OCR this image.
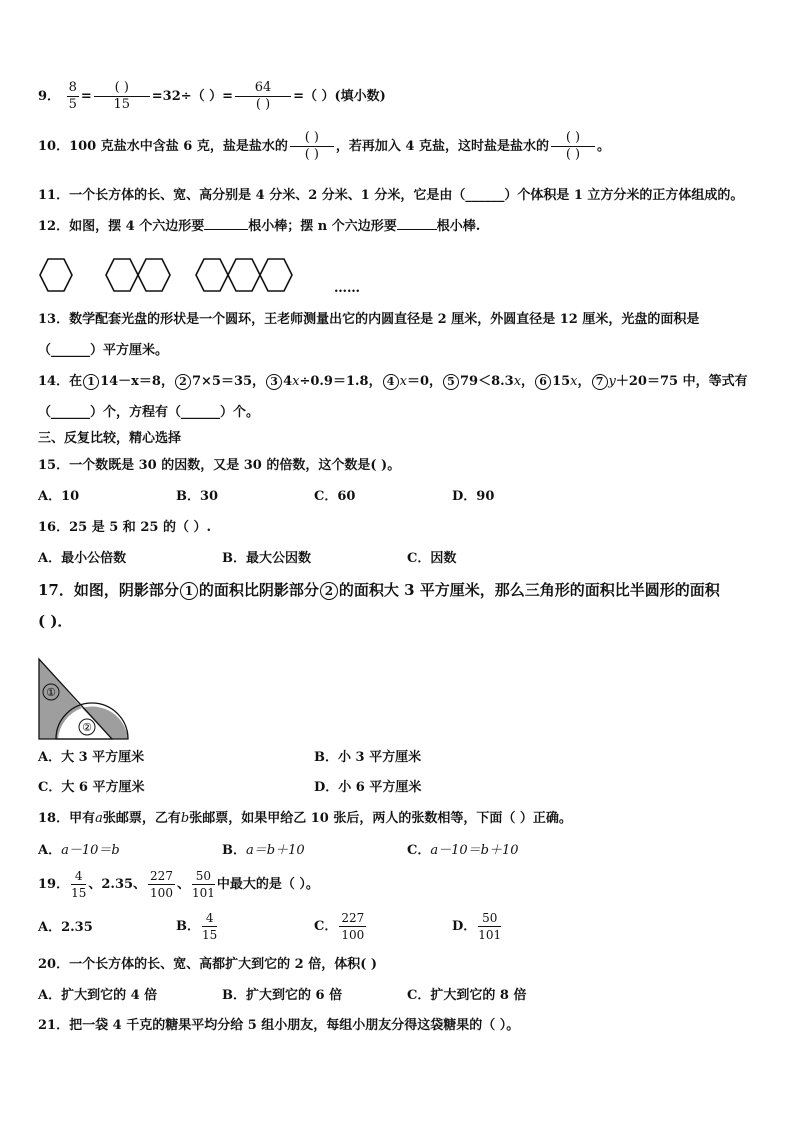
9． $\frac{8}{5} = \frac{( )}{15} =32\div$（ ）= $\frac{64}{( )}$ =（ ）(填小数)
10．100 克盐水中含盐 6 克，盐是盐水的 $\frac{( )}{( )}$ ，若再加入 4 克盐，这时盐是盐水的 $\frac{( )}{( )}$ 。
11．一个长方体的长、宽、高分别是 4 分米、2 分米、1 分米，它是由（______）个体积是 1 立方分米的正方体组成的。
12．如图，摆 4 个六边形要	根小棒；摆 n 个六边形要	根小棒.
……
13．数学配套光盘的形状是一个圆环，王老师测量出它的内圆直径是 2 厘米，外圆直径是 12 厘米，光盘的面积是
（______）平方厘米。
14．在 1 14－x＝8， 2 7×5＝35， 3 4x÷0.9＝1.8， 4 x＝0， 5 79＜8.3x， 6 15x， 7 y＋20＝75 中，等式有
（______）个，方程有（______）个。
三、反复比较，精心选择
15．一个数既是 30 的因数，又是 30 的倍数，这个数是( )。
A．10	B．30	C．60	D．90
16．25 是 5 和 25 的（ ）.
A．最小公倍数	B．最大公因数	C．因数
17．如图，阴影部分 1 的面积比阴影部分 2 的面积大 3 平方厘米，那么三角形的面积比半圆形的面积
( )．
①
②
A．大 3 平方厘米	B．小 3 平方厘米
C．大 6 平方厘米	D．小 6 平方厘米
18．甲有a张邮票，乙有b张邮票，如果甲给乙 10 张后，两人的张数相等，下面（ ）正确。
A．a－10＝b	B．a＝b＋10	C．a－10＝b＋10
19． $\frac{4}{15}$ 、2.35、 $\frac{227}{100}$ 、 $\frac{50}{101}$ 中最大的是（ ）。
A．2.35	B． $\frac{4}{15}$	C． $\frac{227}{100}$	D． $\frac{50}{101}$
20．一个长方体的长、宽、高都扩大到它的 2 倍，体积( )
A．扩大到它的 4 倍	B．扩大到它的 6 倍	C．扩大到它的 8 倍
21．把一袋 4 千克的糖果平均分给 5 组小朋友，每组小朋友分得这袋糖果的（ ）。
